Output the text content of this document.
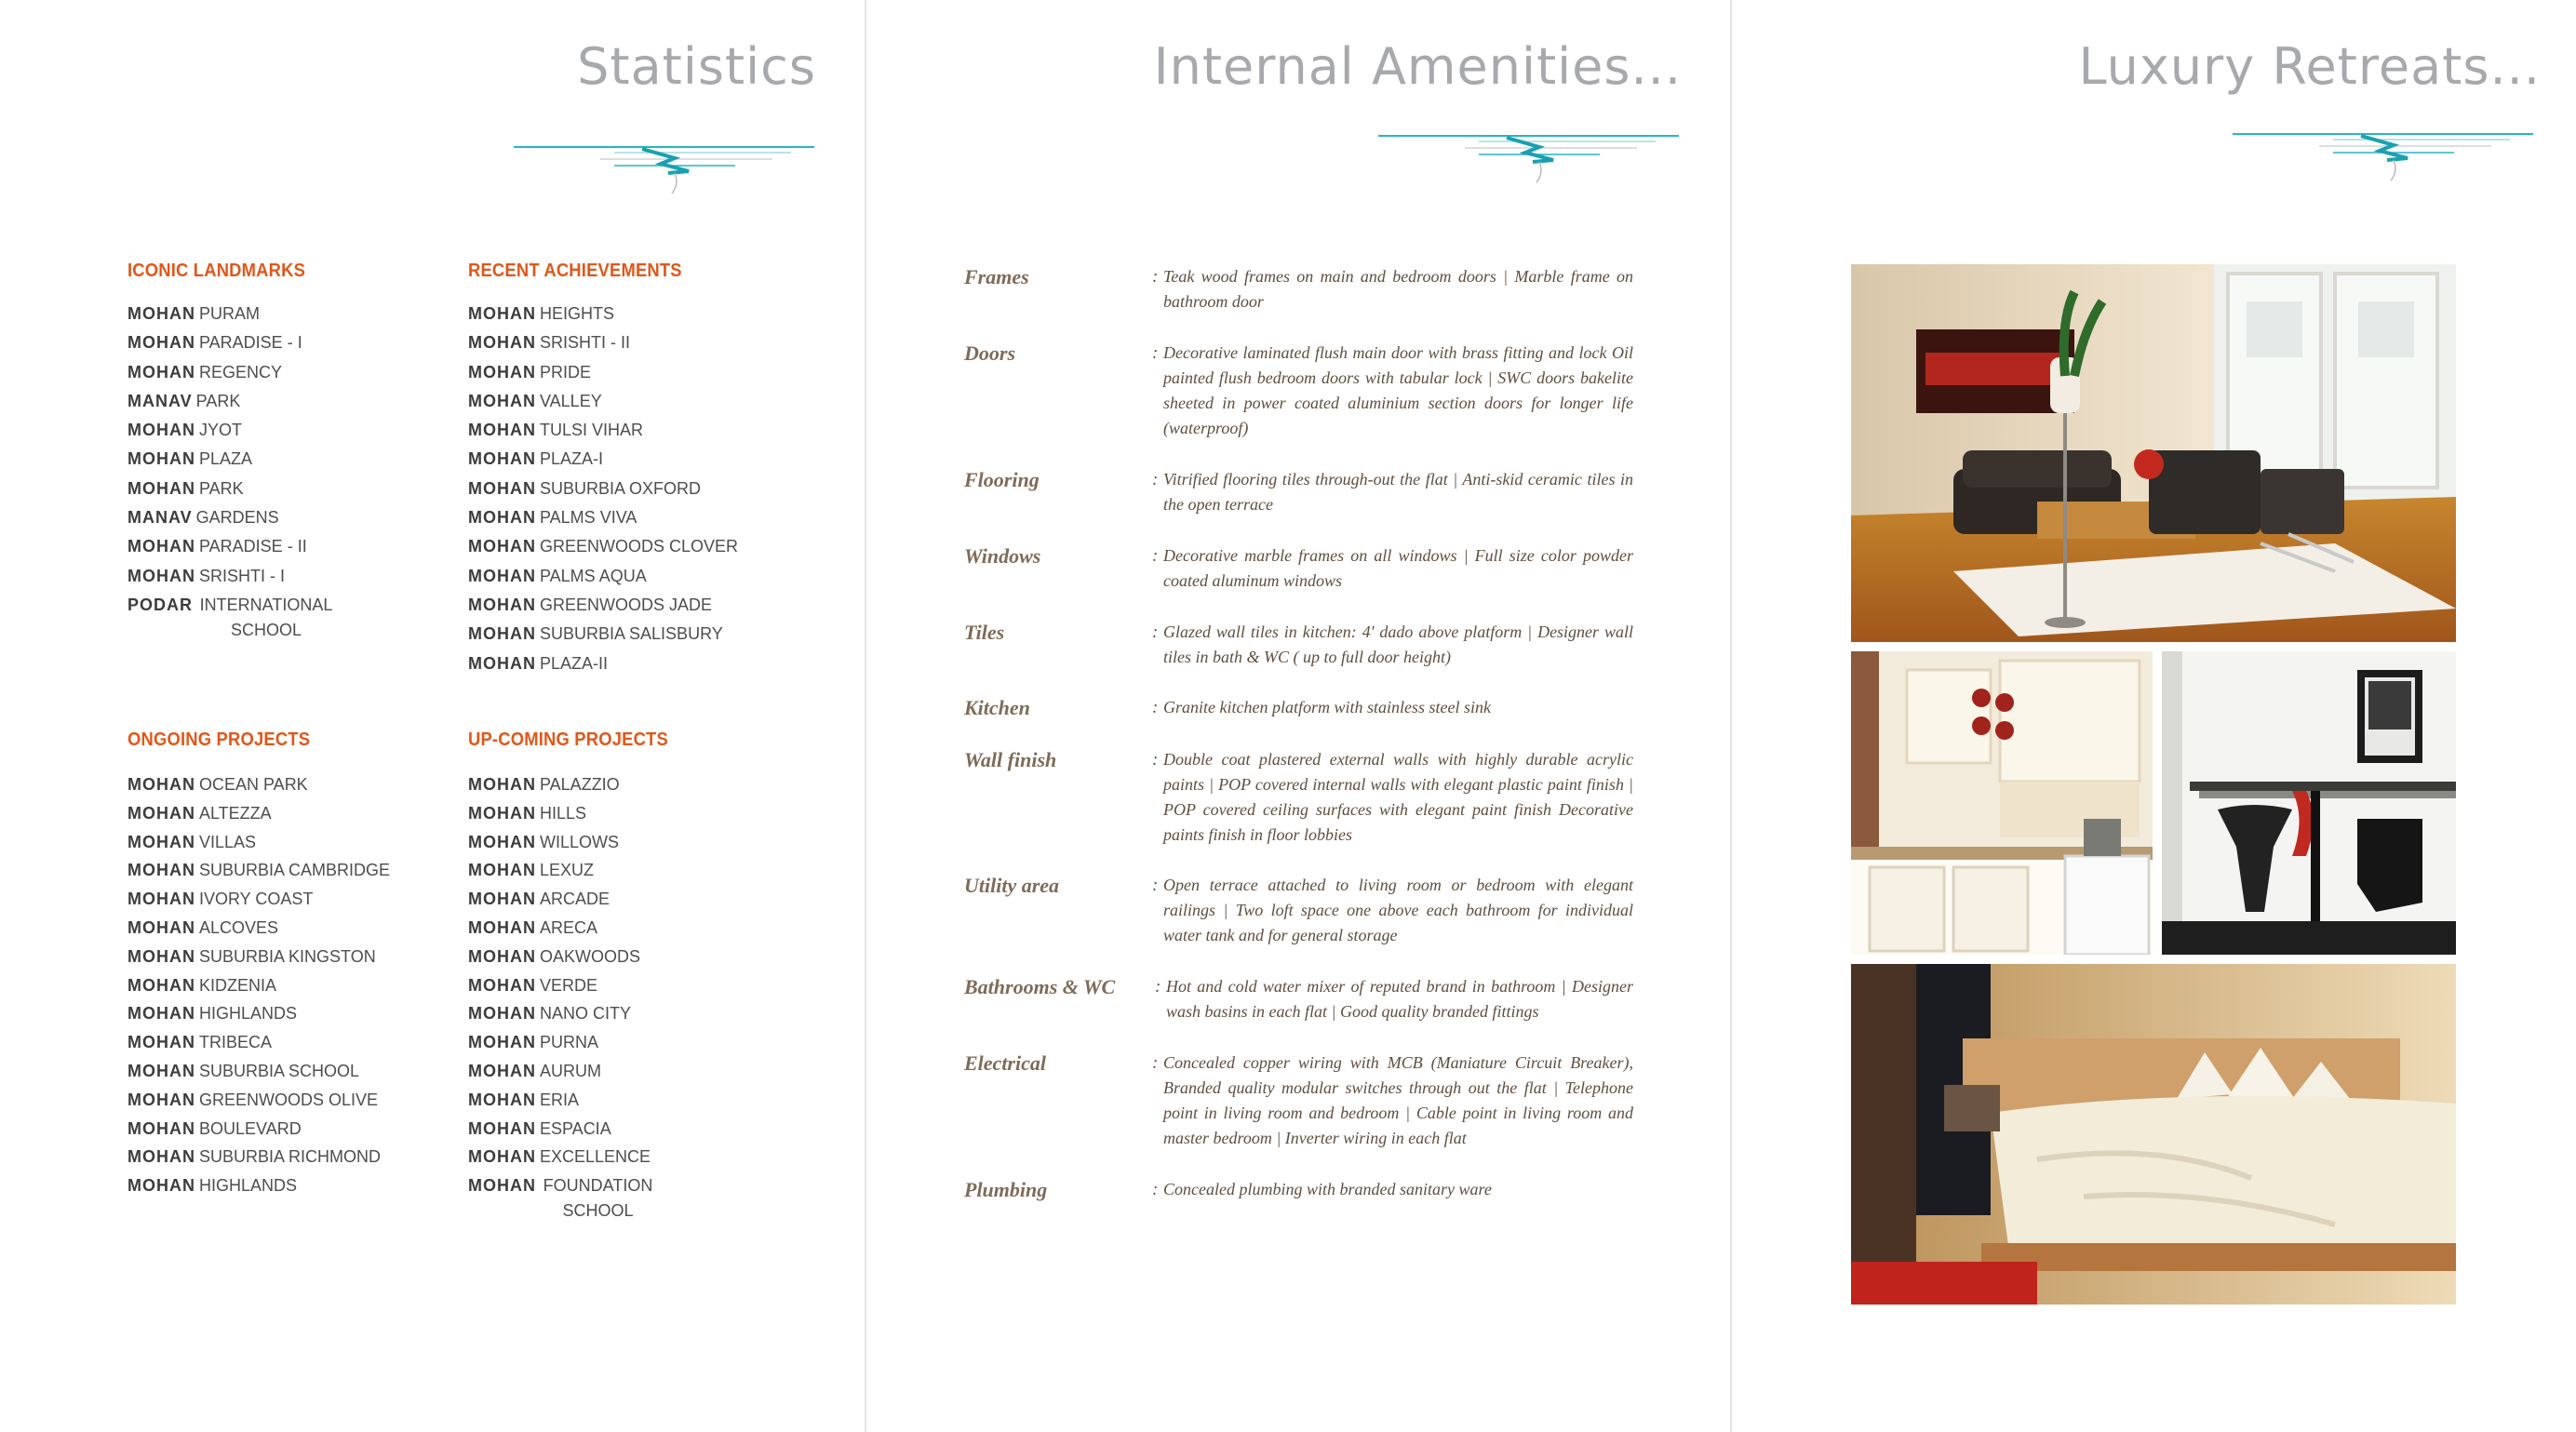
Statistics
ICONIC LANDMARKS
MOHAN PURAM
MOHAN PARADISE - I
MOHAN REGENCY
MANAV PARK
MOHAN JYOT
MOHAN PLAZA
MOHAN PARK
MANAV GARDENS
MOHAN PARADISE - II
MOHAN SRISHTI - I
PODAR INTERNATIONAL SCHOOL
RECENT ACHIEVEMENTS
MOHAN HEIGHTS
MOHAN SRISHTI - II
MOHAN PRIDE
MOHAN VALLEY
MOHAN TULSI VIHAR
MOHAN PLAZA-I
MOHAN SUBURBIA OXFORD
MOHAN PALMS VIVA
MOHAN GREENWOODS CLOVER
MOHAN PALMS AQUA
MOHAN GREENWOODS JADE
MOHAN SUBURBIA SALISBURY
MOHAN PLAZA-II
ONGOING PROJECTS
MOHAN OCEAN PARK
MOHAN ALTEZZA
MOHAN VILLAS
MOHAN SUBURBIA CAMBRIDGE
MOHAN IVORY COAST
MOHAN ALCOVES
MOHAN SUBURBIA KINGSTON
MOHAN KIDZENIA
MOHAN HIGHLANDS
MOHAN TRIBECA
MOHAN SUBURBIA SCHOOL
MOHAN GREENWOODS OLIVE
MOHAN BOULEVARD
MOHAN SUBURBIA RICHMOND
MOHAN HIGHLANDS
UP-COMING PROJECTS
MOHAN PALAZZIO
MOHAN HILLS
MOHAN WILLOWS
MOHAN LEXUZ
MOHAN ARCADE
MOHAN ARECA
MOHAN OAKWOODS
MOHAN VERDE
MOHAN NANO CITY
MOHAN PURNA
MOHAN AURUM
MOHAN ERIA
MOHAN ESPACIA
MOHAN EXCELLENCE
MOHAN FOUNDATION SCHOOL
Internal Amenities...
Frames	: Teak wood frames on main and bedroom doors | Marble frame on bathroom door
Doors	: Decorative laminated flush main door with brass fitting and lock Oil painted flush bedroom doors with tabular lock | SWC doors bakelite sheeted in power coated aluminium section doors for longer life (waterproof)
Flooring	: Vitrified flooring tiles through-out the flat | Anti-skid ceramic tiles in the open terrace
Windows	: Decorative marble frames on all windows | Full size color powder coated aluminum windows
Tiles	: Glazed wall tiles in kitchen: 4' dado above platform | Designer wall tiles in bath & WC ( up to full door height)
Kitchen	: Granite kitchen platform with stainless steel sink
Wall finish	: Double coat plastered external walls with highly durable acrylic paints | POP covered internal walls with elegant plastic paint finish | POP covered ceiling surfaces with elegant paint finish Decorative paints finish in floor lobbies
Utility area	: Open terrace attached to living room or bedroom with elegant railings | Two loft space one above each bathroom for individual water tank and for general storage
Bathrooms & WC	: Hot and cold water mixer of reputed brand in bathroom | Designer wash basins in each flat | Good quality branded fittings
Electrical	: Concealed copper wiring with MCB (Maniature Circuit Breaker), Branded quality modular switches through out the flat | Telephone point in living room and bedroom | Cable point in living room and master bedroom | Inverter wiring in each flat
Plumbing	: Concealed plumbing with branded sanitary ware
Luxury Retreats...
